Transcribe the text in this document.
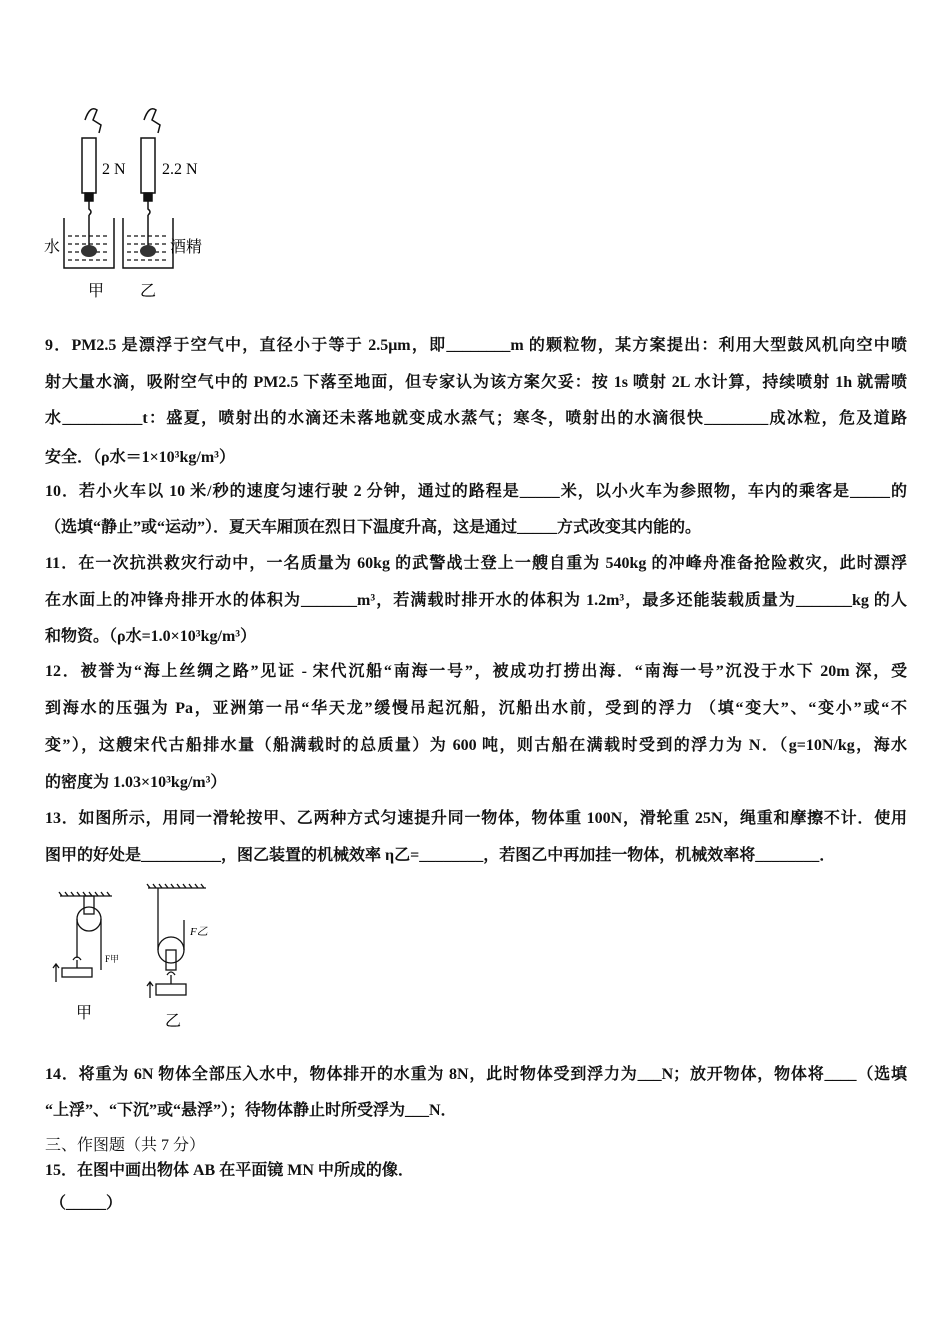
2 N 2.2 N
水	酒精
甲 乙
9．PM2.5 是漂浮于空气中，直径小于等于 2.5μm，即________m 的颗粒物，某方案提出：利用大型鼓风机向空中喷
射大量水滴，吸附空气中的 PM2.5 下落至地面，但专家认为该方案欠妥：按 1s 喷射 2L 水计算，持续喷射 1h 就需喷
水__________t：盛夏，喷射出的水滴还未落地就变成水蒸气；寒冬，喷射出的水滴很快________成冰粒，危及道路
安全．（ρ水＝1×10³kg/m³）
10．若小火车以 10 米/秒的速度匀速行驶 2 分钟，通过的路程是_____米，以小火车为参照物，车内的乘客是_____的
（选填“静止”或“运动”）．夏天车厢顶在烈日下温度升高，这是通过_____方式改变其内能的。
11．在一次抗洪救灾行动中，一名质量为 60kg 的武警战士登上一艘自重为 540kg 的冲峰舟准备抢险救灾，此时漂浮
在水面上的冲锋舟排开水的体积为_______m³，若满载时排开水的体积为 1.2m³，最多还能装载质量为_______kg 的人
和物资。（ρ水=1.0×10³kg/m³）
12．被誉为“海上丝绸之路”见证 - 宋代沉船“南海一号”，被成功打捞出海．“南海一号”沉没于水下 20m 深，受
到海水的压强为 Pa，亚洲第一吊“华天龙”缓慢吊起沉船，沉船出水前，受到的浮力 （填“变大”、“变小”或“不
变”），这艘宋代古船排水量（船满载时的总质量）为 600 吨，则古船在满载时受到的浮力为 N．（g=10N/kg，海水
的密度为 1.03×10³kg/m³）
13．如图所示，用同一滑轮按甲、乙两种方式匀速提升同一物体，物体重 100N，滑轮重 25N，绳重和摩擦不计．使用
图甲的好处是__________，图乙装置的机械效率 η乙=________，若图乙中再加挂一物体，机械效率将________．
F甲
F乙
甲	乙
14．将重为 6N 物体全部压入水中，物体排开的水重为 8N，此时物体受到浮力为___N；放开物体，物体将____（选填
“上浮”、“下沉”或“悬浮”）；待物体静止时所受浮为___N．
三、作图题（共 7 分）
15．在图中画出物体 AB 在平面镜 MN 中所成的像．
（_____）
